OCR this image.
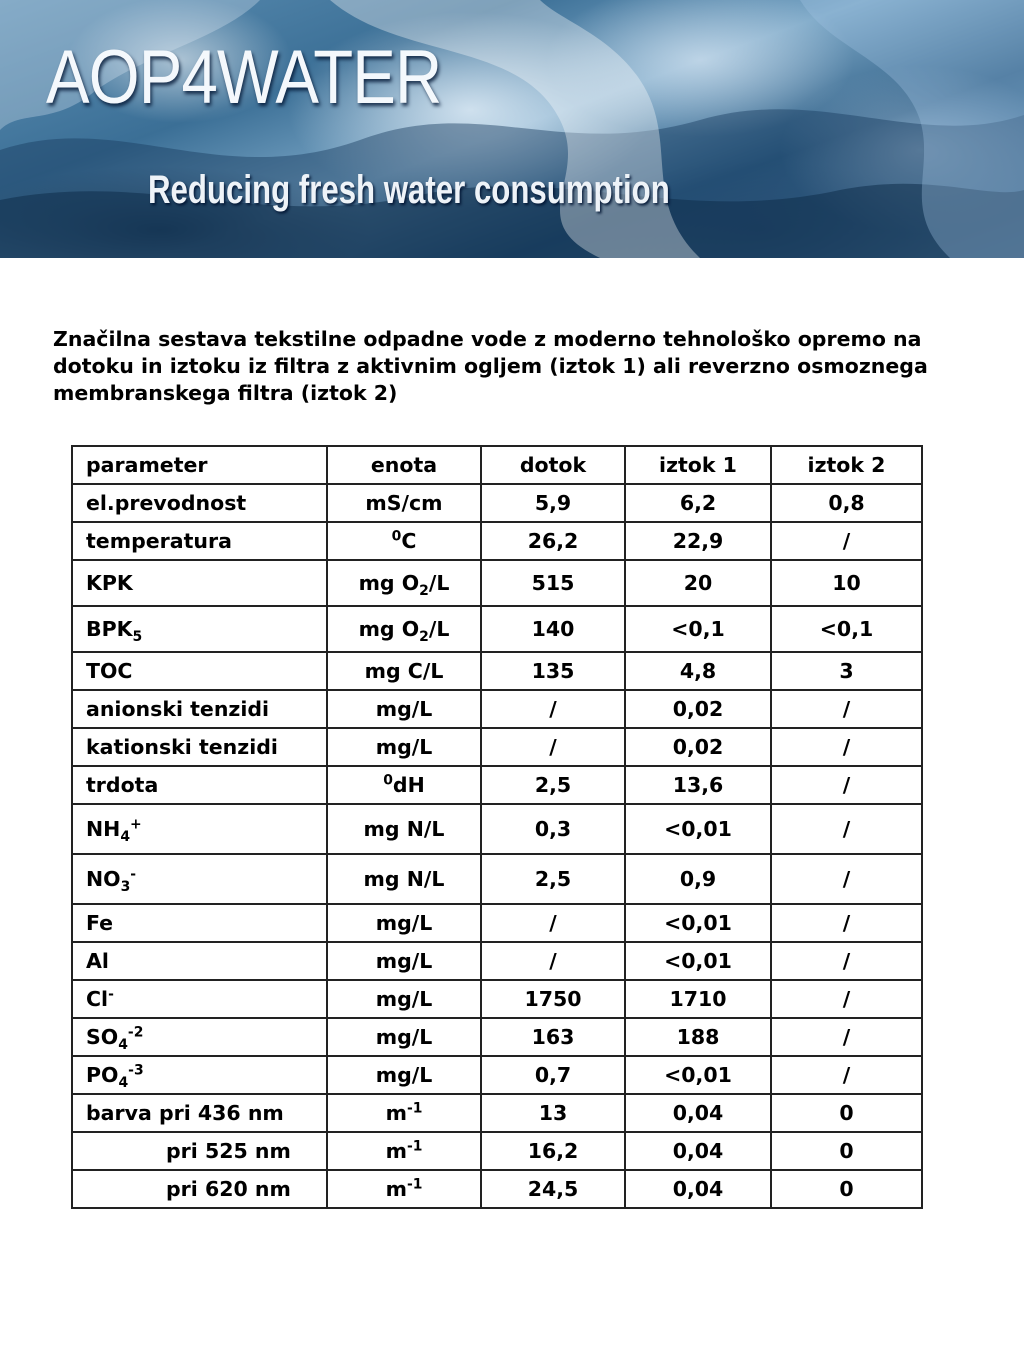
AOP4WATER
Reducing fresh water consumption
Značilna sestava tekstilne odpadne vode z moderno tehnološko opremo na dotoku in iztoku iz filtra z aktivnim ogljem (iztok 1) ali reverzno osmoznega membranskega filtra (iztok 2)
parameter	enota	dotok	iztok 1	iztok 2
el.prevodnost	mS/cm	5,9	6,2	0,8
temperatura	$^0$C	26,2	22,9	/
KPK	mg $O_2/L$	515	20	10
$BPK_5$	mg $O_2/L$	140	<0,1	<0,1
TOC	mg C/L	135	4,8	3
anionski tenzidi	mg/L	/	0,02	/
kationski tenzidi	mg/L	/	0,02	/
trdota	$^0$dH	2,5	13,6	/
$NH_4^+$	mg N/L	0,3	<0,01	/
$NO_3^-$	mg N/L	2,5	0,9	/
Fe	mg/L	/	<0,01	/
Al	mg/L	/	<0,01	/
Cl-	mg/L	1750	1710	/
$SO_4^{-2}$	mg/L	163	188	/
$PO_4^{-3}$	mg/L	0,7	<0,01	/
barva pri 436 nm	$m^{-1}$	13	0,04	0
pri 525 nm	$m^{-1}$	16,2	0,04	0
pri 620 nm	$m^{-1}$	24,5	0,04	0
